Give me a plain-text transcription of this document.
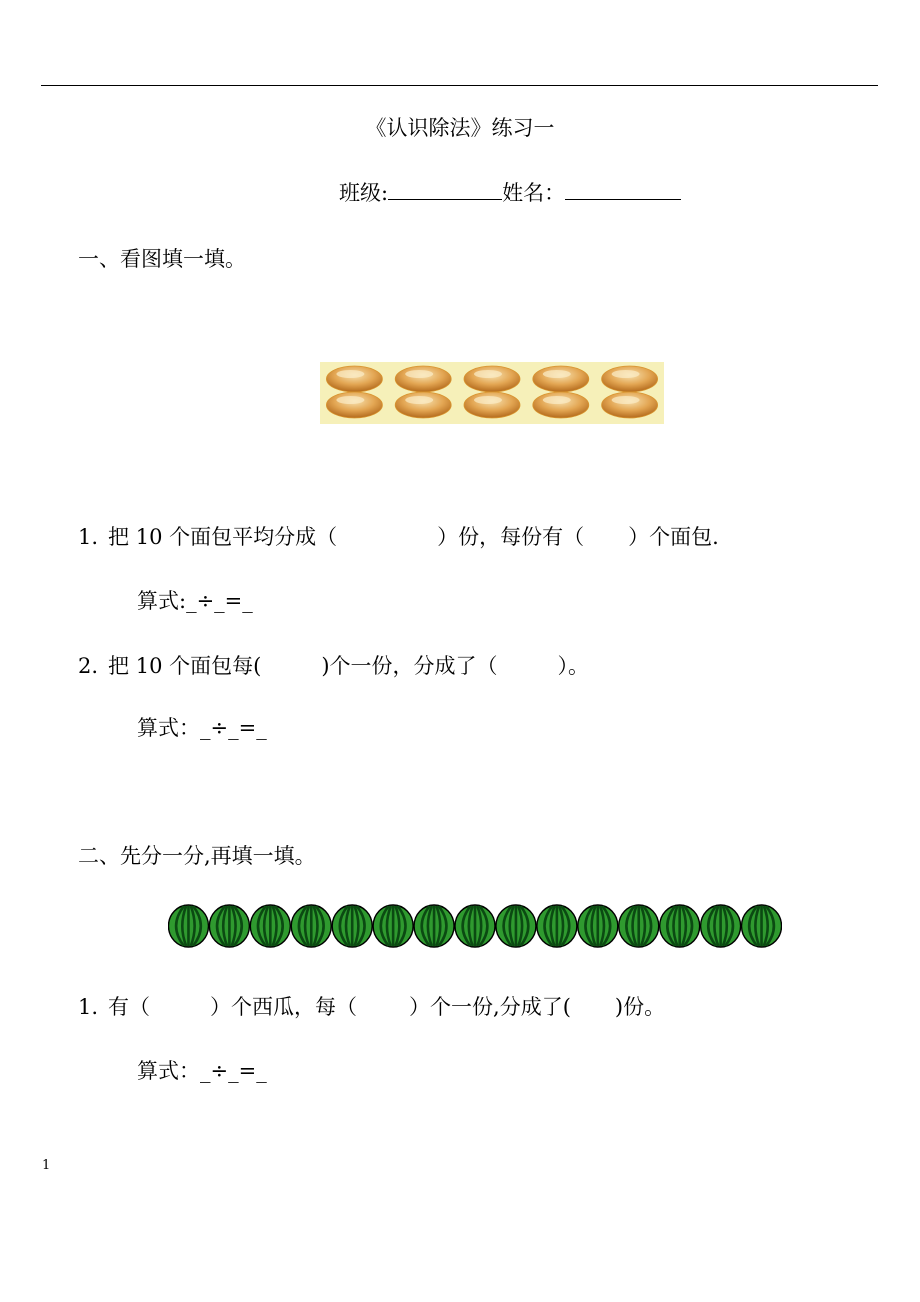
《认识除法》练习一
班级:	姓名：
一、看图填一填。
1. 把 10 个面包平均分成（	）份，每份有（ ）个面包.
算式:_÷_=_
2. 把 10 个面包每(	)个一份，分成了（	）。
算式：_÷_=_
二、先分一分,再填一填。
1. 有（	）个西瓜，每（ ）个一份,分成了( )份。
算式：_÷_=_
1
